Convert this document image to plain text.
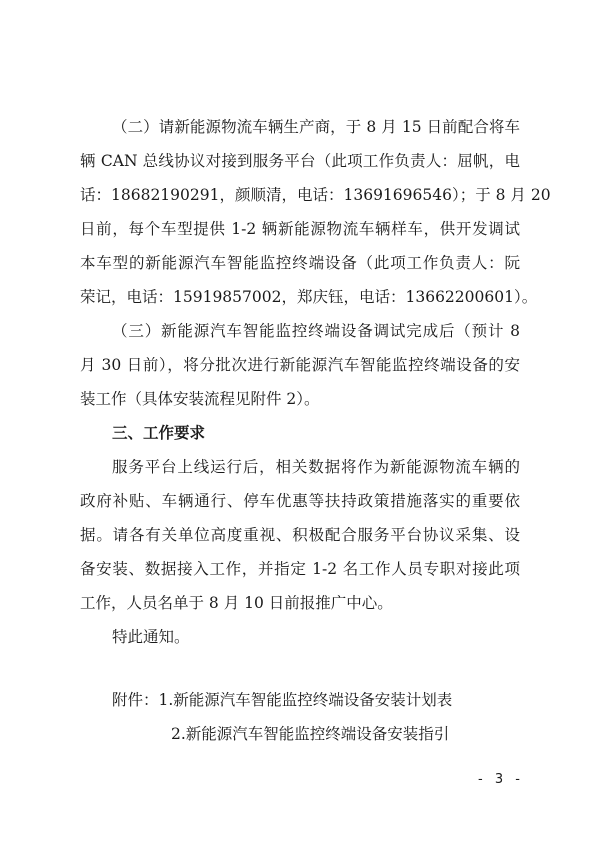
（二）请新能源物流车辆生产商，于 8 月 15 日前配合将车
辆 CAN 总线协议对接到服务平台（此项工作负责人：屈帆，电
话：18682190291，颜顺清，电话：13691696546）；于 8 月 20
日前，每个车型提供 1-2 辆新能源物流车辆样车，供开发调试
本车型的新能源汽车智能监控终端设备（此项工作负责人：阮
荣记，电话：15919857002，郑庆钰，电话：13662200601）。
（三）新能源汽车智能监控终端设备调试完成后（预计 8
月 30 日前），将分批次进行新能源汽车智能监控终端设备的安
装工作（具体安装流程见附件 2）。
三、工作要求
服务平台上线运行后，相关数据将作为新能源物流车辆的
政府补贴、车辆通行、停车优惠等扶持政策措施落实的重要依
据。请各有关单位高度重视、积极配合服务平台协议采集、设
备安装、数据接入工作，并指定 1-2 名工作人员专职对接此项
工作，人员名单于 8 月 10 日前报推广中心。
特此通知。
附件：1.新能源汽车智能监控终端设备安装计划表
2.新能源汽车智能监控终端设备安装指引
- 3 -
